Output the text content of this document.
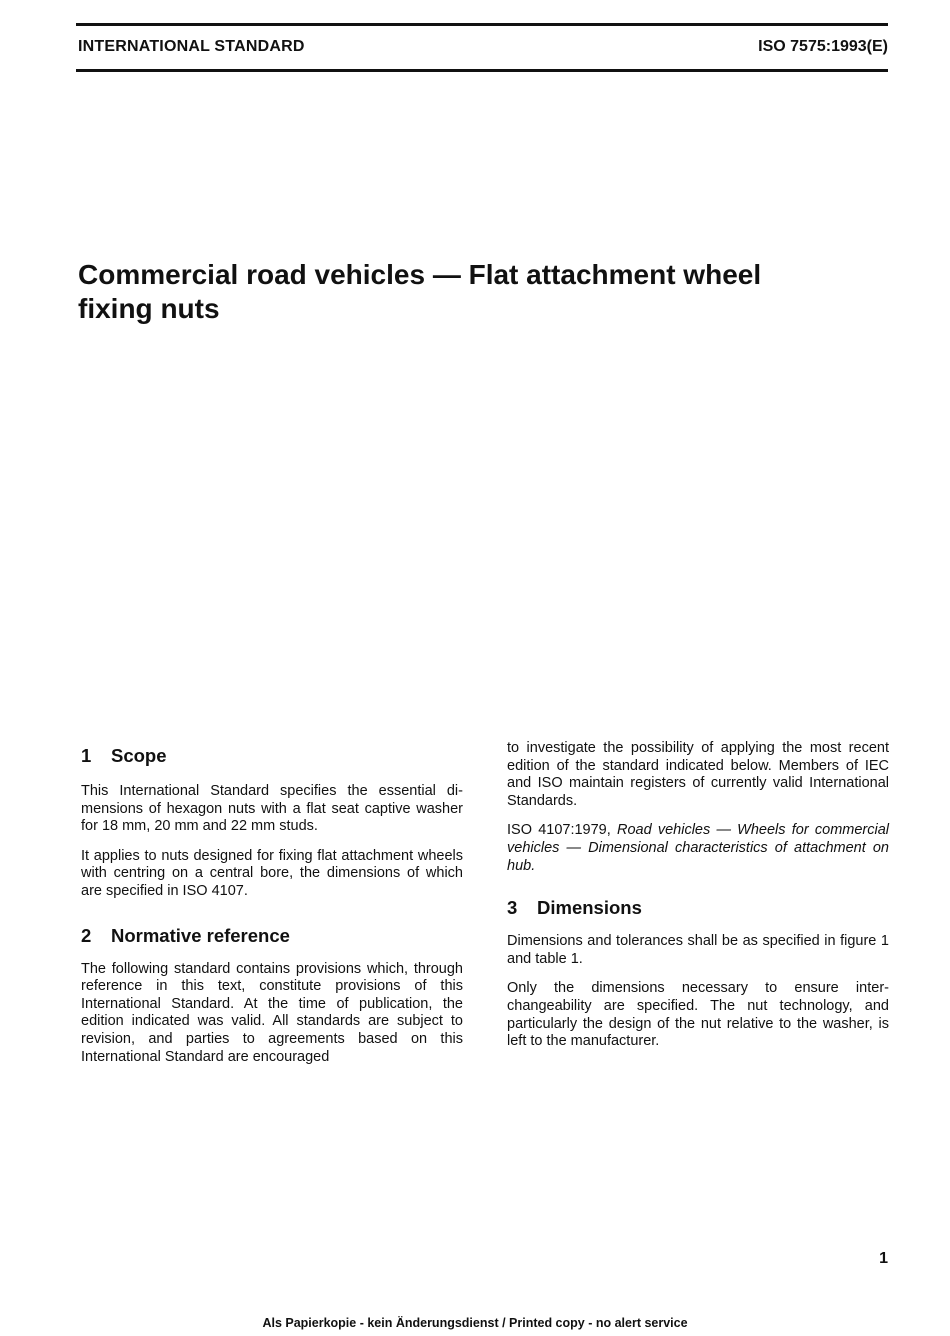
INTERNATIONAL STANDARD	ISO 7575:1993(E)
Commercial road vehicles — Flat attachment wheel
fixing nuts
1 Scope

This International Standard specifies the essential dimensions of hexagon nuts with a flat seat captive washer for 18 mm, 20 mm and 22 mm studs.

It applies to nuts designed for fixing flat attachment wheels with centring on a central bore, the dimensions of which are specified in ISO 4107.

2 Normative reference

The following standard contains provisions which, through reference in this text, constitute provisions of this International Standard. At the time of publication, the edition indicated was valid. All standards are subject to revision, and parties to agreements based on this International Standard are encouraged

to investigate the possibility of applying the most recent edition of the standard indicated below. Members of IEC and ISO maintain registers of currently valid International Standards.

ISO 4107:1979, Road vehicles — Wheels for commercial vehicles — Dimensional characteristics of attachment on hub.

3 Dimensions

Dimensions and tolerances shall be as specified in figure 1 and table 1.

Only the dimensions necessary to ensure interchangeability are specified. The nut technology, and particularly the design of the nut relative to the washer, is left to the manufacturer.

1
Als Papierkopie - kein Änderungsdienst / Printed copy - no alert service
